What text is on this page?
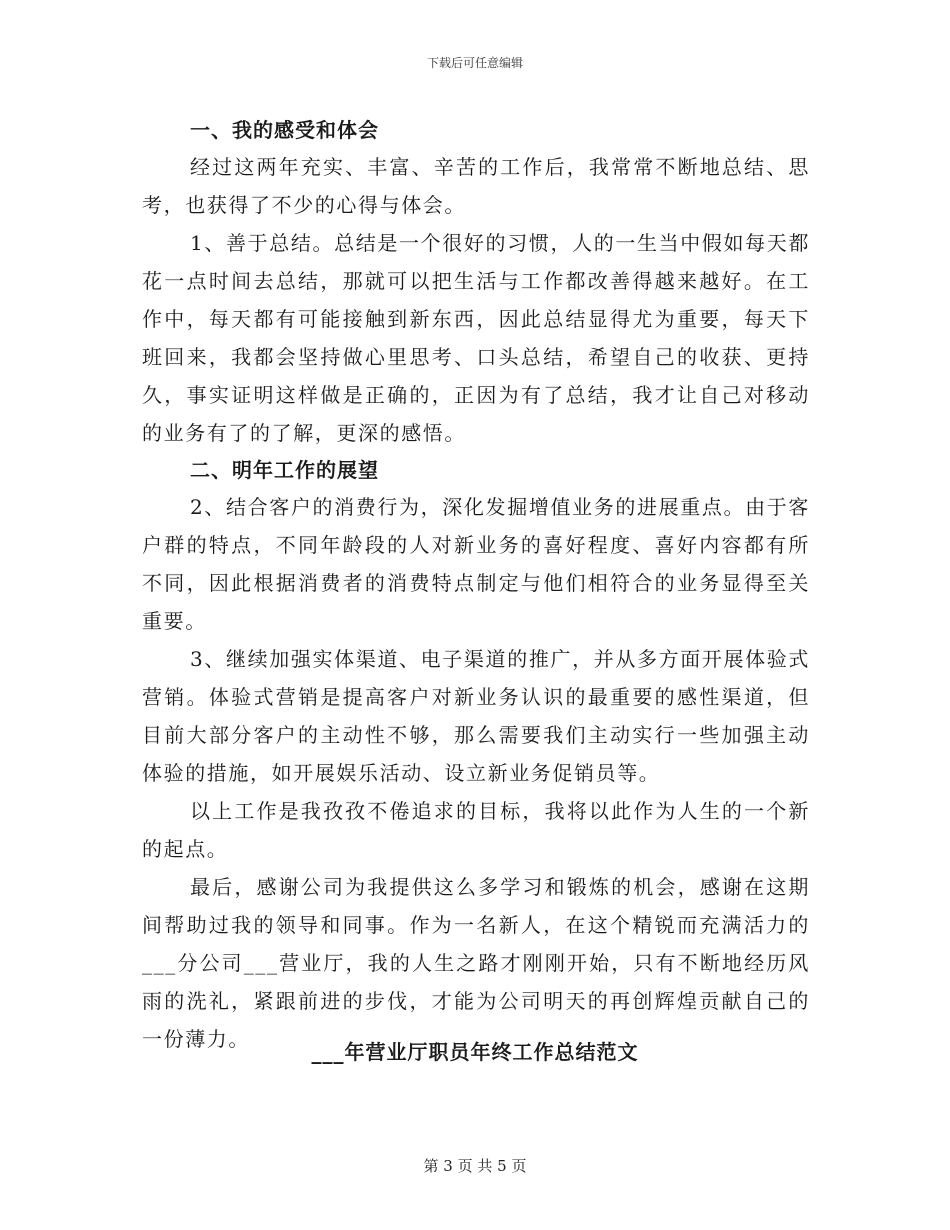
下载后可任意编辑

一、我的感受和体会

经过这两年充实、丰富、辛苦的工作后，我常常不断地总结、思考，也获得了不少的心得与体会。

1、善于总结。总结是一个很好的习惯，人的一生当中假如每天都花一点时间去总结，那就可以把生活与工作都改善得越来越好。在工作中，每天都有可能接触到新东西，因此总结显得尤为重要，每天下班回来，我都会坚持做心里思考、口头总结，希望自己的收获、更持久，事实证明这样做是正确的，正因为有了总结，我才让自己对移动的业务有了的了解，更深的感悟。

二、明年工作的展望

2、结合客户的消费行为，深化发掘增值业务的进展重点。由于客户群的特点，不同年龄段的人对新业务的喜好程度、喜好内容都有所不同，因此根据消费者的消费特点制定与他们相符合的业务显得至关重要。

3、继续加强实体渠道、电子渠道的推广，并从多方面开展体验式营销。体验式营销是提高客户对新业务认识的最重要的感性渠道，但目前大部分客户的主动性不够，那么需要我们主动实行一些加强主动体验的措施，如开展娱乐活动、设立新业务促销员等。

以上工作是我孜孜不倦追求的目标，我将以此作为人生的一个新的起点。

最后，感谢公司为我提供这么多学习和锻炼的机会，感谢在这期间帮助过我的领导和同事。作为一名新人，在这个精锐而充满活力的___分公司___营业厅，我的人生之路才刚刚开始，只有不断地经历风雨的洗礼，紧跟前进的步伐，才能为公司明天的再创辉煌贡献自己的一份薄力。

___年营业厅职员年终工作总结范文
第 3 页 共 5 页
